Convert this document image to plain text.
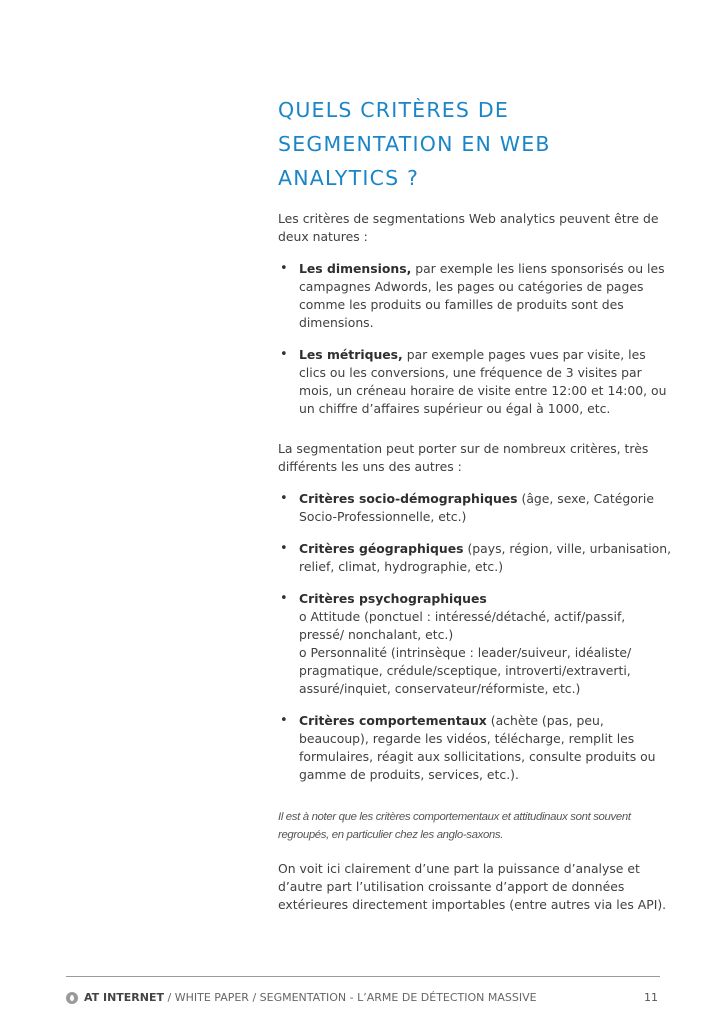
QUELS CRITÈRES DE
SEGMENTATION EN WEB
ANALYTICS ?

Les critères de segmentations Web analytics peuvent être de deux natures :

• Les dimensions, par exemple les liens sponsorisés ou les campagnes Adwords, les pages ou catégories de pages comme les produits ou familles de produits sont des dimensions.
• Les métriques, par exemple pages vues par visite, les clics ou les conversions, une fréquence de 3 visites par mois, un créneau horaire de visite entre 12:00 et 14:00, ou un chiffre d’affaires supérieur ou égal à 1000, etc.

La segmentation peut porter sur de nombreux critères, très différents les uns des autres :

• Critères socio-démographiques (âge, sexe, Catégorie Socio-Professionnelle, etc.)
• Critères géographiques (pays, région, ville, urbanisation, relief, climat, hydrographie, etc.)
• Critères psychographiques
o Attitude (ponctuel : intéressé/détaché, actif/passif, pressé/ nonchalant, etc.)
o Personnalité (intrinsèque : leader/suiveur, idéaliste/ pragmatique, crédule/sceptique, introverti/extraverti, assuré/inquiet, conservateur/réformiste, etc.)
• Critères comportementaux (achète (pas, peu, beaucoup), regarde les vidéos, télécharge, remplit les formulaires, réagit aux sollicitations, consulte produits ou gamme de produits, services, etc.).

Il est à noter que les critères comportementaux et attitudinaux sont souvent regroupés, en particulier chez les anglo-saxons.

On voit ici clairement d’une part la puissance d’analyse et d’autre part l’utilisation croissante d’apport de données extérieures directement importables (entre autres via les API).

AT INTERNET / WHITE PAPER / SEGMENTATION - L’ARME DE DÉTECTION MASSIVE	11
